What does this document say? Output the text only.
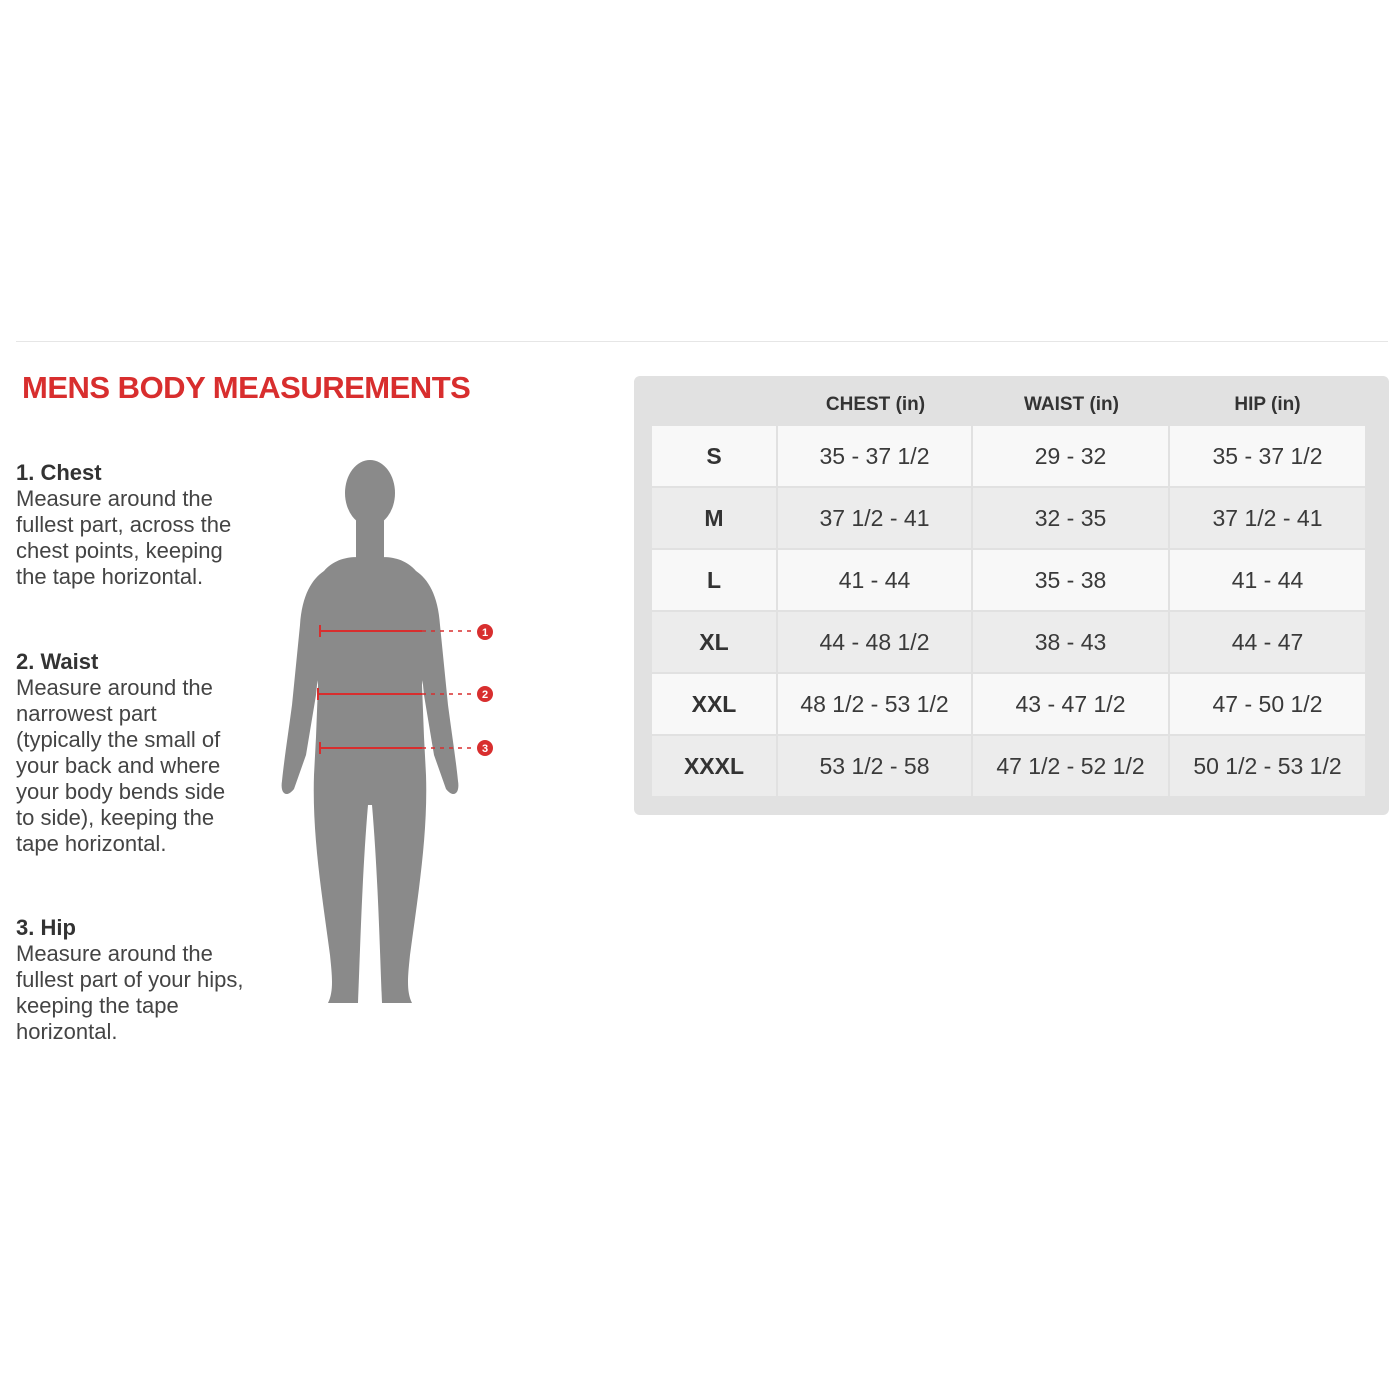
MENS BODY MEASUREMENTS

1. Chest

Measure around the fullest part, across the chest points, keeping the tape horizontal.

2. Waist

Measure around the narrowest part (typically the small of your back and where your body bends side to side), keeping the tape horizontal.

3. Hip

Measure around the fullest part of your hips, keeping the tape horizontal.

1
2
3
	CHEST (in)	WAIST (in)	HIP (in)
S	35 - 37 1/2	29 - 32	35 - 37 1/2
M	37 1/2 - 41	32 - 35	37 1/2 - 41
L	41 - 44	35 - 38	41 - 44
XL	44 - 48 1/2	38 - 43	44 - 47
XXL	48 1/2 - 53 1/2	43 - 47 1/2	47 - 50 1/2
XXXL	53 1/2 - 58	47 1/2 - 52 1/2	50 1/2 - 53 1/2
